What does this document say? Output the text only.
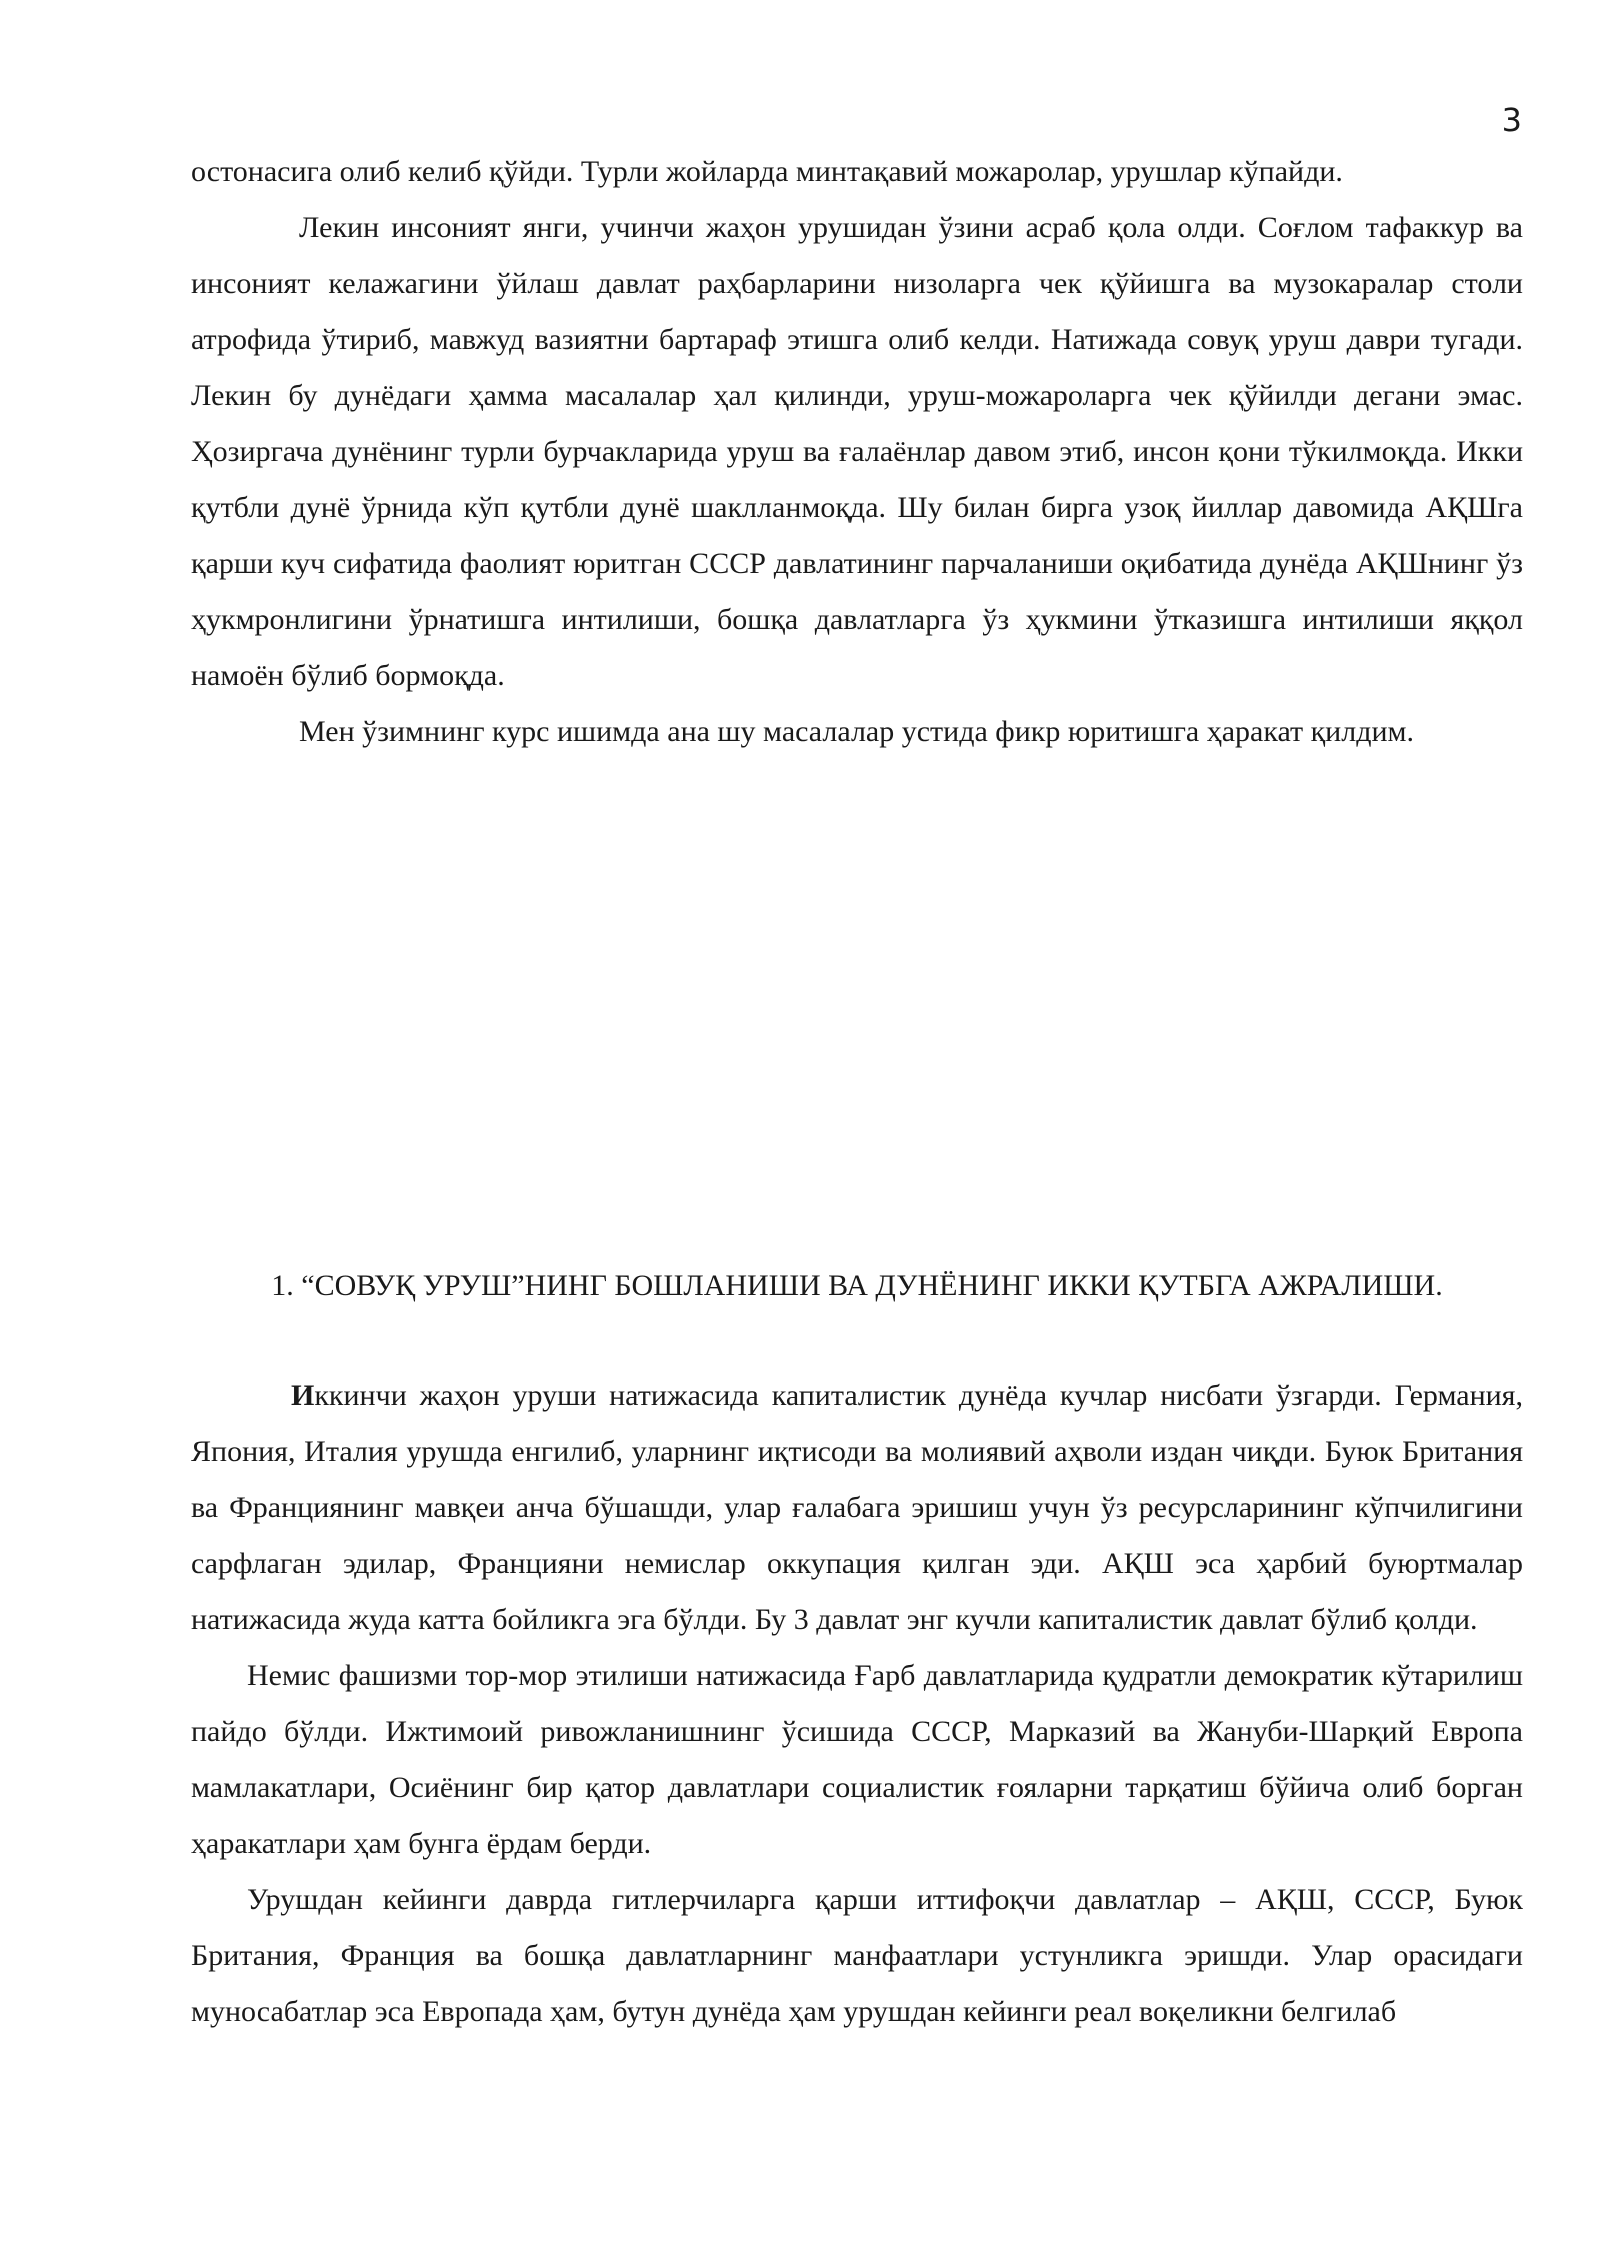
3

остонасига олиб келиб қўйди. Турли жойларда минтақавий можаролар, урушлар кўпайди.

Лекин инсоният янги, учинчи жаҳон урушидан ўзини асраб қола олди. Соғлом тафаккур ва инсоният келажагини ўйлаш давлат раҳбарларини низоларга чек қўйишга ва музокаралар столи атрофида ўтириб, мавжуд вазиятни бартараф этишга олиб келди. Натижада совуқ уруш даври тугади. Лекин бу дунёдаги ҳамма масалалар ҳал қилинди, уруш-можароларга чек қўйилди дегани эмас. Ҳозиргача дунёнинг турли бурчакларида уруш ва ғалаёнлар давом этиб, инсон қони тўкилмоқда. Икки қутбли дунё ўрнида кўп қутбли дунё шаклланмоқда. Шу билан бирга узоқ йиллар давомида АҚШга қарши куч сифатида фаолият юритган СССР давлатининг парчаланиши оқибатида дунёда АҚШнинг ўз ҳукмронлигини ўрнатишга интилиши, бошқа давлатларга ўз ҳукмини ўтказишга интилиши яққол намоён бўлиб бормоқда.

Мен ўзимнинг курс ишимда ана шу масалалар устида фикр юритишга ҳаракат қилдим.

1. “СОВУҚ УРУШ”НИНГ БОШЛАНИШИ ВА ДУНЁНИНГ ИККИ ҚУТБГА АЖРАЛИШИ.

Иккинчи жаҳон уруши натижасида капиталистик дунёда кучлар нисбати ўзгарди. Германия, Япония, Италия урушда енгилиб, уларнинг иқтисоди ва молиявий аҳволи издан чиқди. Буюк Британия ва Франциянинг мавқеи анча бўшашди, улар ғалабага эришиш учун ўз ресурсларининг кўпчилигини сарфлаган эдилар, Францияни немислар оккупация қилган эди. АҚШ эса ҳарбий буюртмалар натижасида жуда катта бойликга эга бўлди. Бу 3 давлат энг кучли капиталистик давлат бўлиб қолди.

Немис фашизми тор-мор этилиши натижасида Ғарб давлатларида қудратли демократик кўтарилиш пайдо бўлди. Ижтимоий ривожланишнинг ўсишида СССР, Марказий ва Жануби-Шарқий Европа мамлакатлари, Осиёнинг бир қатор давлатлари социалистик ғояларни тарқатиш бўйича олиб борган ҳаракатлари ҳам бунга ёрдам берди.

Урушдан кейинги даврда гитлерчиларга қарши иттифоқчи давлатлар – АҚШ, СССР, Буюк Британия, Франция ва бошқа давлатларнинг манфаатлари устунликга эришди. Улар орасидаги муносабатлар эса Европада ҳам, бутун дунёда ҳам урушдан кейинги реал воқеликни белгилаб
